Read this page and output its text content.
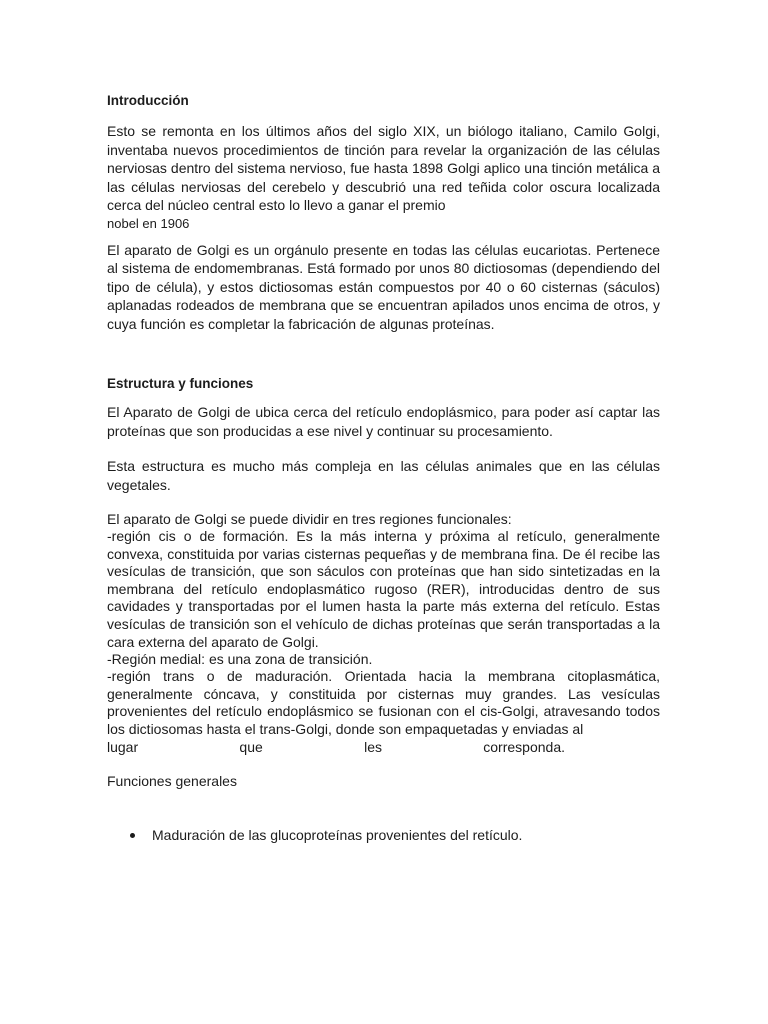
Introducción

Esto se remonta en los últimos años del siglo XIX, un biólogo italiano, Camilo Golgi, inventaba nuevos procedimientos de tinción para revelar la organización de las células nerviosas dentro del sistema nervioso, fue hasta 1898 Golgi aplico una tinción metálica a las células nerviosas del cerebelo y descubrió una red teñida color oscura localizada cerca del núcleo central esto lo llevo a ganar el premio

nobel en 1906

El aparato de Golgi es un orgánulo presente en todas las células eucariotas. Pertenece al sistema de endomembranas. Está formado por unos 80 dictiosomas (dependiendo del tipo de célula), y estos dictiosomas están compuestos por 40 o 60 cisternas (sáculos) aplanadas rodeados de membrana que se encuentran apilados unos encima de otros, y cuya función es completar la fabricación de algunas proteínas.

Estructura y funciones

El Aparato de Golgi de ubica cerca del retículo endoplásmico, para poder así captar las proteínas que son producidas a ese nivel y continuar su procesamiento.

Esta estructura es mucho más compleja en las células animales que en las células vegetales.

El aparato de Golgi se puede dividir en tres regiones funcionales:

-región cis o de formación. Es la más interna y próxima al retículo, generalmente convexa, constituida por varias cisternas pequeñas y de membrana fina. De él recibe las vesículas de transición, que son sáculos con proteínas que han sido sintetizadas en la membrana del retículo endoplasmático rugoso (RER), introducidas dentro de sus cavidades y transportadas por el lumen hasta la parte más externa del retículo. Estas vesículas de transición son el vehículo de dichas proteínas que serán transportadas a la cara externa del aparato de Golgi.

-Región medial: es una zona de transición.

-región trans o de maduración. Orientada hacia la membrana citoplasmática, generalmente cóncava, y constituida por cisternas muy grandes. Las vesículas provenientes del retículo endoplásmico se fusionan con el cis-Golgi, atravesando todos los dictiosomas hasta el trans-Golgi, donde son empaquetadas y enviadas al

lugar que les corresponda.

Funciones generales

Maduración de las glucoproteínas provenientes del retículo.
